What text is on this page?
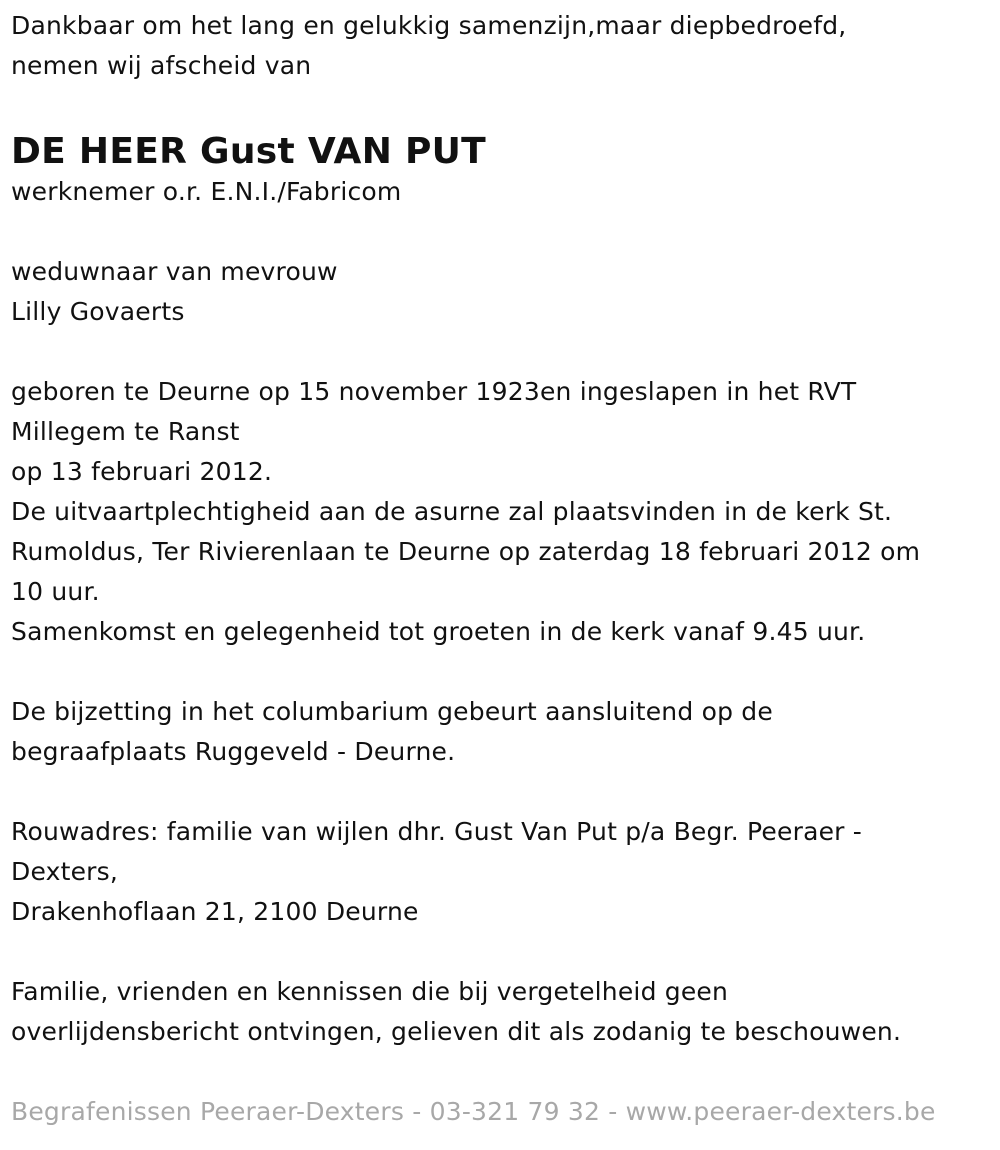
Dankbaar om het lang en gelukkig samenzijn,maar diepbedroefd,
nemen wij afscheid van
DE HEER Gust VAN PUT
werknemer o.r. E.N.I./Fabricom
weduwnaar van mevrouw
Lilly Govaerts
geboren te Deurne op 15 november 1923en ingeslapen in het RVT
Millegem te Ranst
op 13 februari 2012.
De uitvaartplechtigheid aan de asurne zal plaatsvinden in de kerk St.
Rumoldus, Ter Rivierenlaan te Deurne op zaterdag 18 februari 2012 om
10 uur.
Samenkomst en gelegenheid tot groeten in de kerk vanaf 9.45 uur.
De bijzetting in het columbarium gebeurt aansluitend op de
begraafplaats Ruggeveld - Deurne.
Rouwadres: familie van wijlen dhr. Gust Van Put p/a Begr. Peeraer -
Dexters,
Drakenhoflaan 21, 2100 Deurne
Familie, vrienden en kennissen die bij vergetelheid geen
overlijdensbericht ontvingen, gelieven dit als zodanig te beschouwen.
Begrafenissen Peeraer-Dexters - 03-321 79 32 - www.peeraer-dexters.be
